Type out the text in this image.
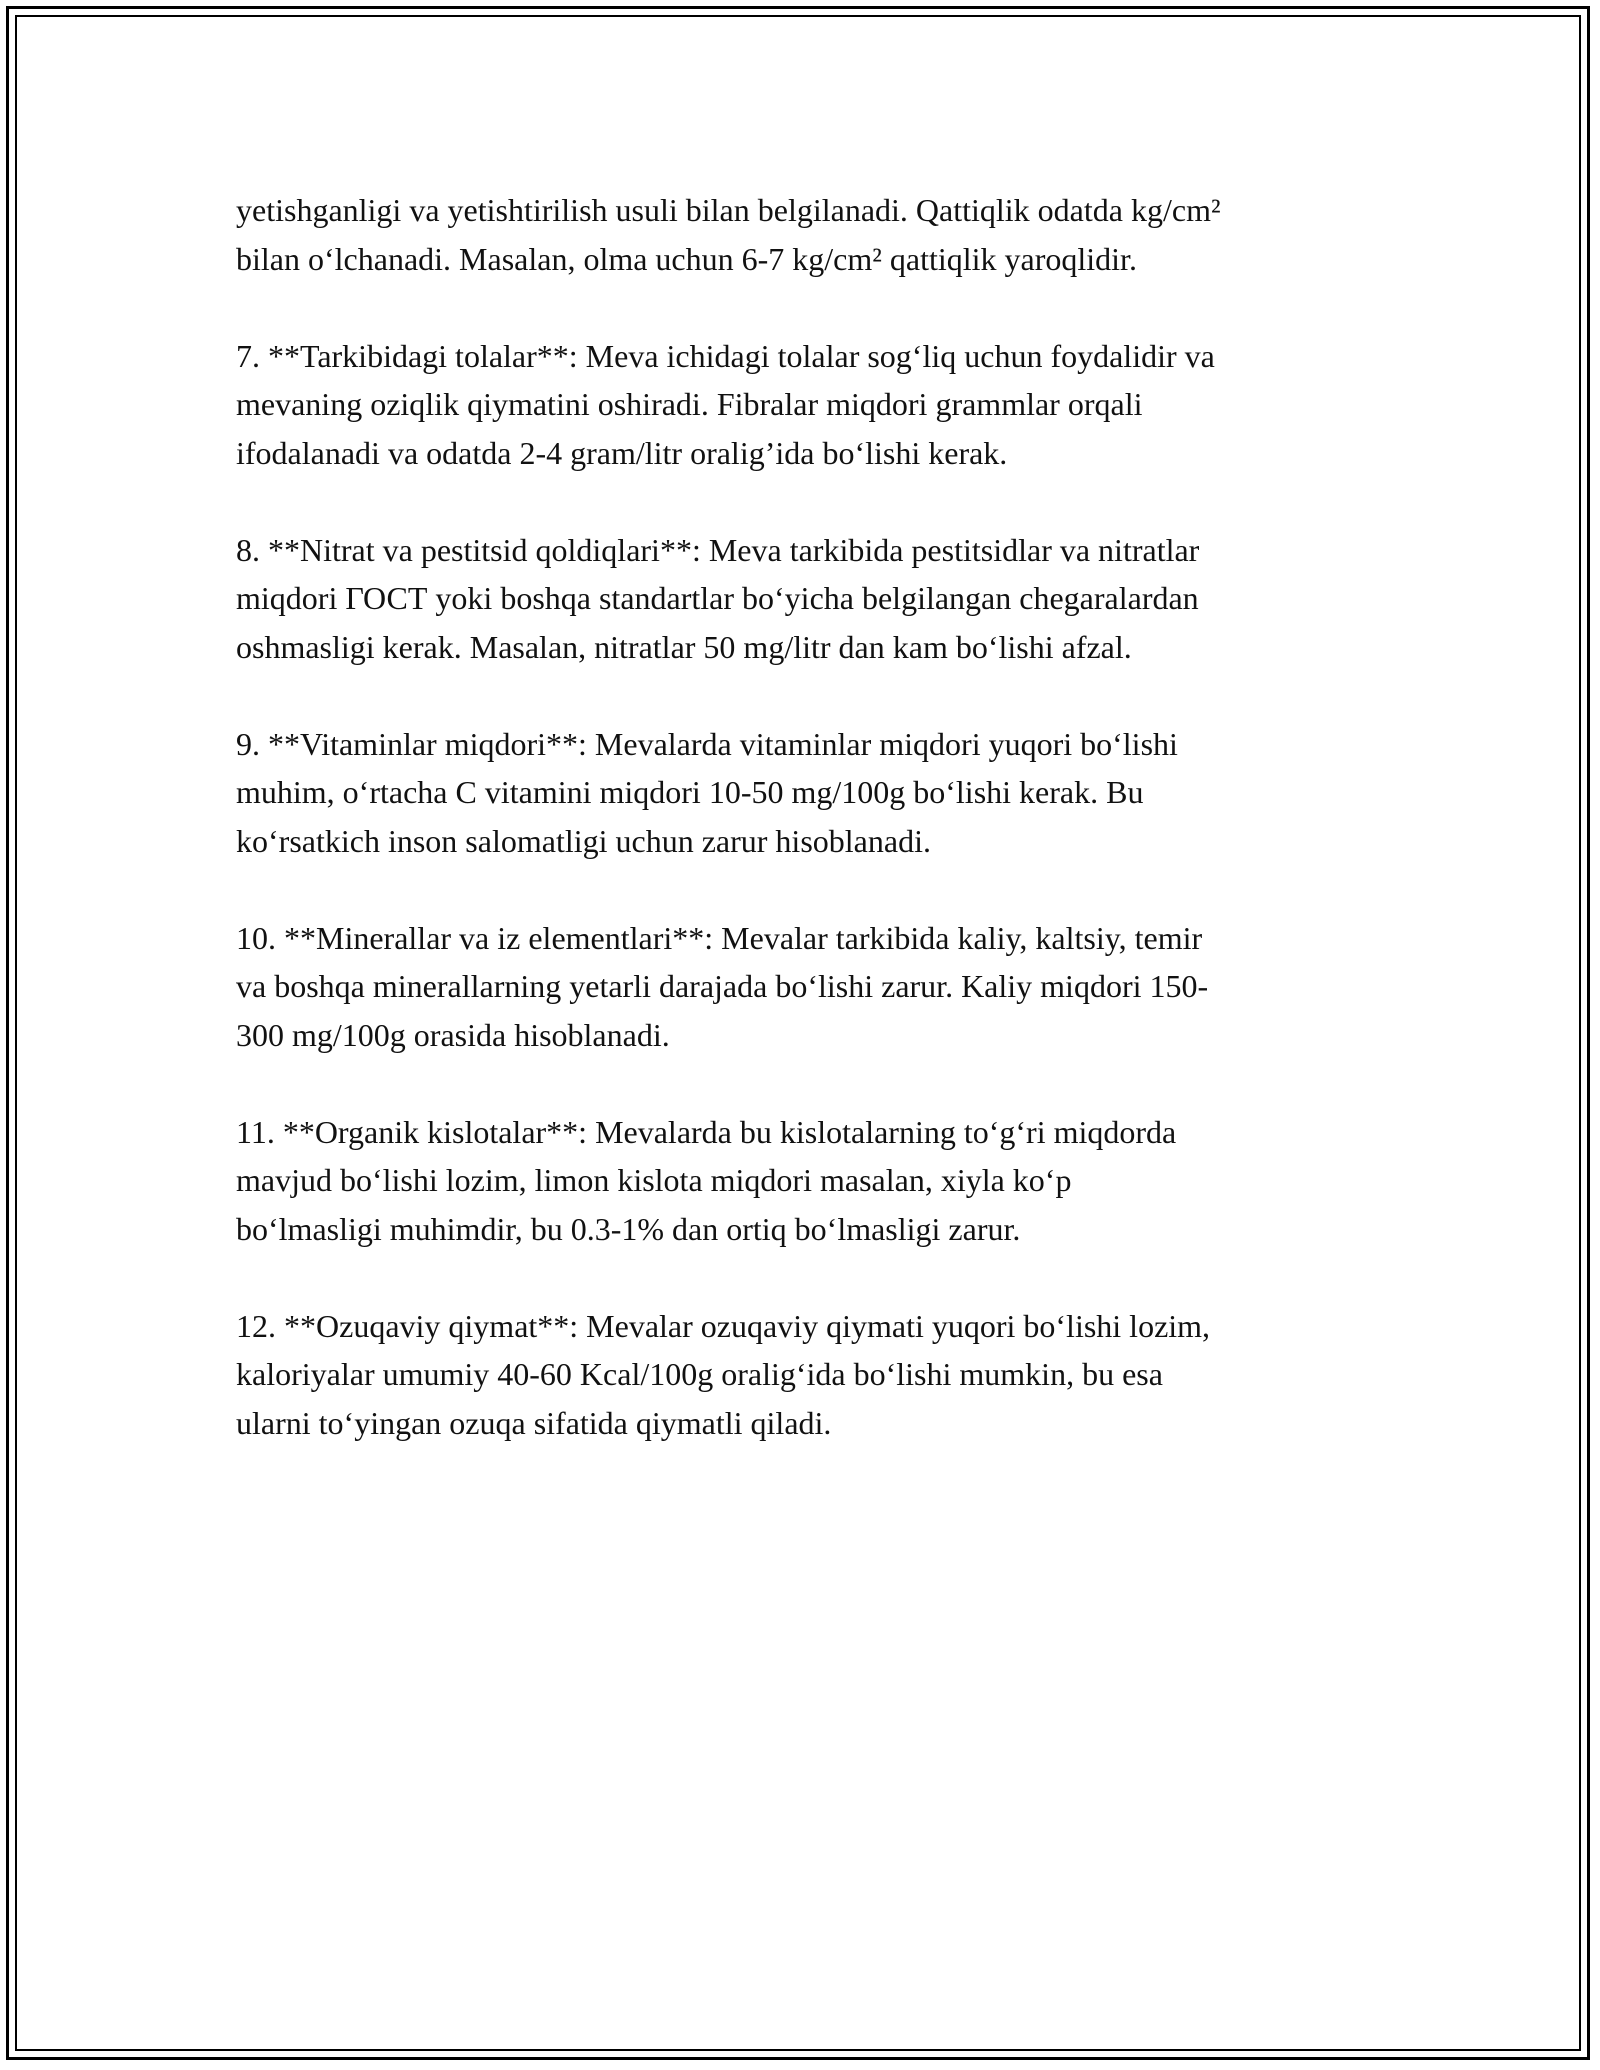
yetishganligi va yetishtirilish usuli bilan belgilanadi. Qattiqlik odatda kg/cm²
bilan oʻlchanadi. Masalan, olma uchun 6-7 kg/cm² qattiqlik yaroqlidir.

7. **Tarkibidagi tolalar**: Meva ichidagi tolalar sogʻliq uchun foydalidir va
mevaning oziqlik qiymatini oshiradi. Fibralar miqdori grammlar orqali
ifodalanadi va odatda 2-4 gram/litr oralig’ida boʻlishi kerak.

8. **Nitrat va pestitsid qoldiqlari**: Meva tarkibida pestitsidlar va nitratlar
miqdori ГОСТ yoki boshqa standartlar boʻyicha belgilangan chegaralardan
oshmasligi kerak. Masalan, nitratlar 50 mg/litr dan kam boʻlishi afzal.

9. **Vitaminlar miqdori**: Mevalarda vitaminlar miqdori yuqori boʻlishi
muhim, oʻrtacha C vitamini miqdori 10-50 mg/100g boʻlishi kerak. Bu
koʻrsatkich inson salomatligi uchun zarur hisoblanadi.

10. **Minerallar va iz elementlari**: Mevalar tarkibida kaliy, kaltsiy, temir
va boshqa minerallarning yetarli darajada boʻlishi zarur. Kaliy miqdori 150-
300 mg/100g orasida hisoblanadi.

11. **Organik kislotalar**: Mevalarda bu kislotalarning toʻgʻri miqdorda
mavjud boʻlishi lozim, limon kislota miqdori masalan, xiyla koʻp
boʻlmasligi muhimdir, bu 0.3-1% dan ortiq boʻlmasligi zarur.

12. **Ozuqaviy qiymat**: Mevalar ozuqaviy qiymati yuqori boʻlishi lozim,
kaloriyalar umumiy 40-60 Kcal/100g oraligʻida boʻlishi mumkin, bu esa
ularni toʻyingan ozuqa sifatida qiymatli qiladi.
